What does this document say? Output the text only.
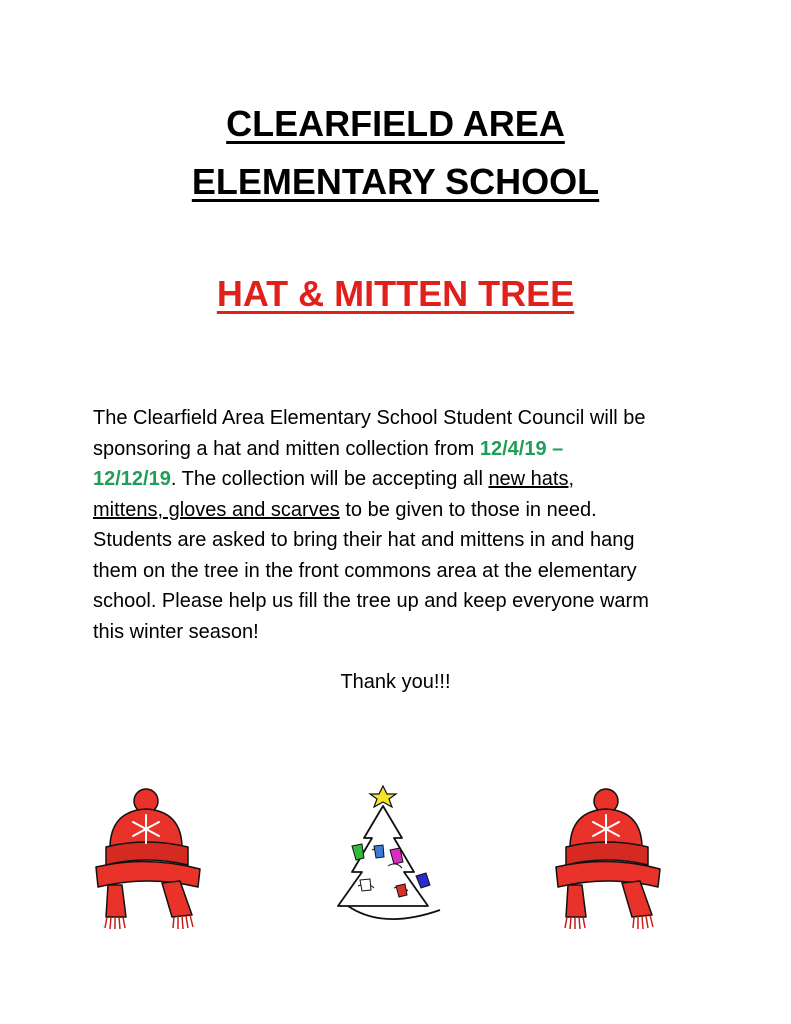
CLEARFIELD AREA
ELEMENTARY SCHOOL
HAT & MITTEN TREE
The Clearfield Area Elementary School Student Council will be
sponsoring a hat and mitten collection from 12/4/19 –
12/12/19. The collection will be accepting all new hats,
mittens, gloves and scarves to be given to those in need.
Students are asked to bring their hat and mittens in and hang
them on the tree in the front commons area at the elementary
school. Please help us fill the tree up and keep everyone warm
this winter season!
Thank you!!!
